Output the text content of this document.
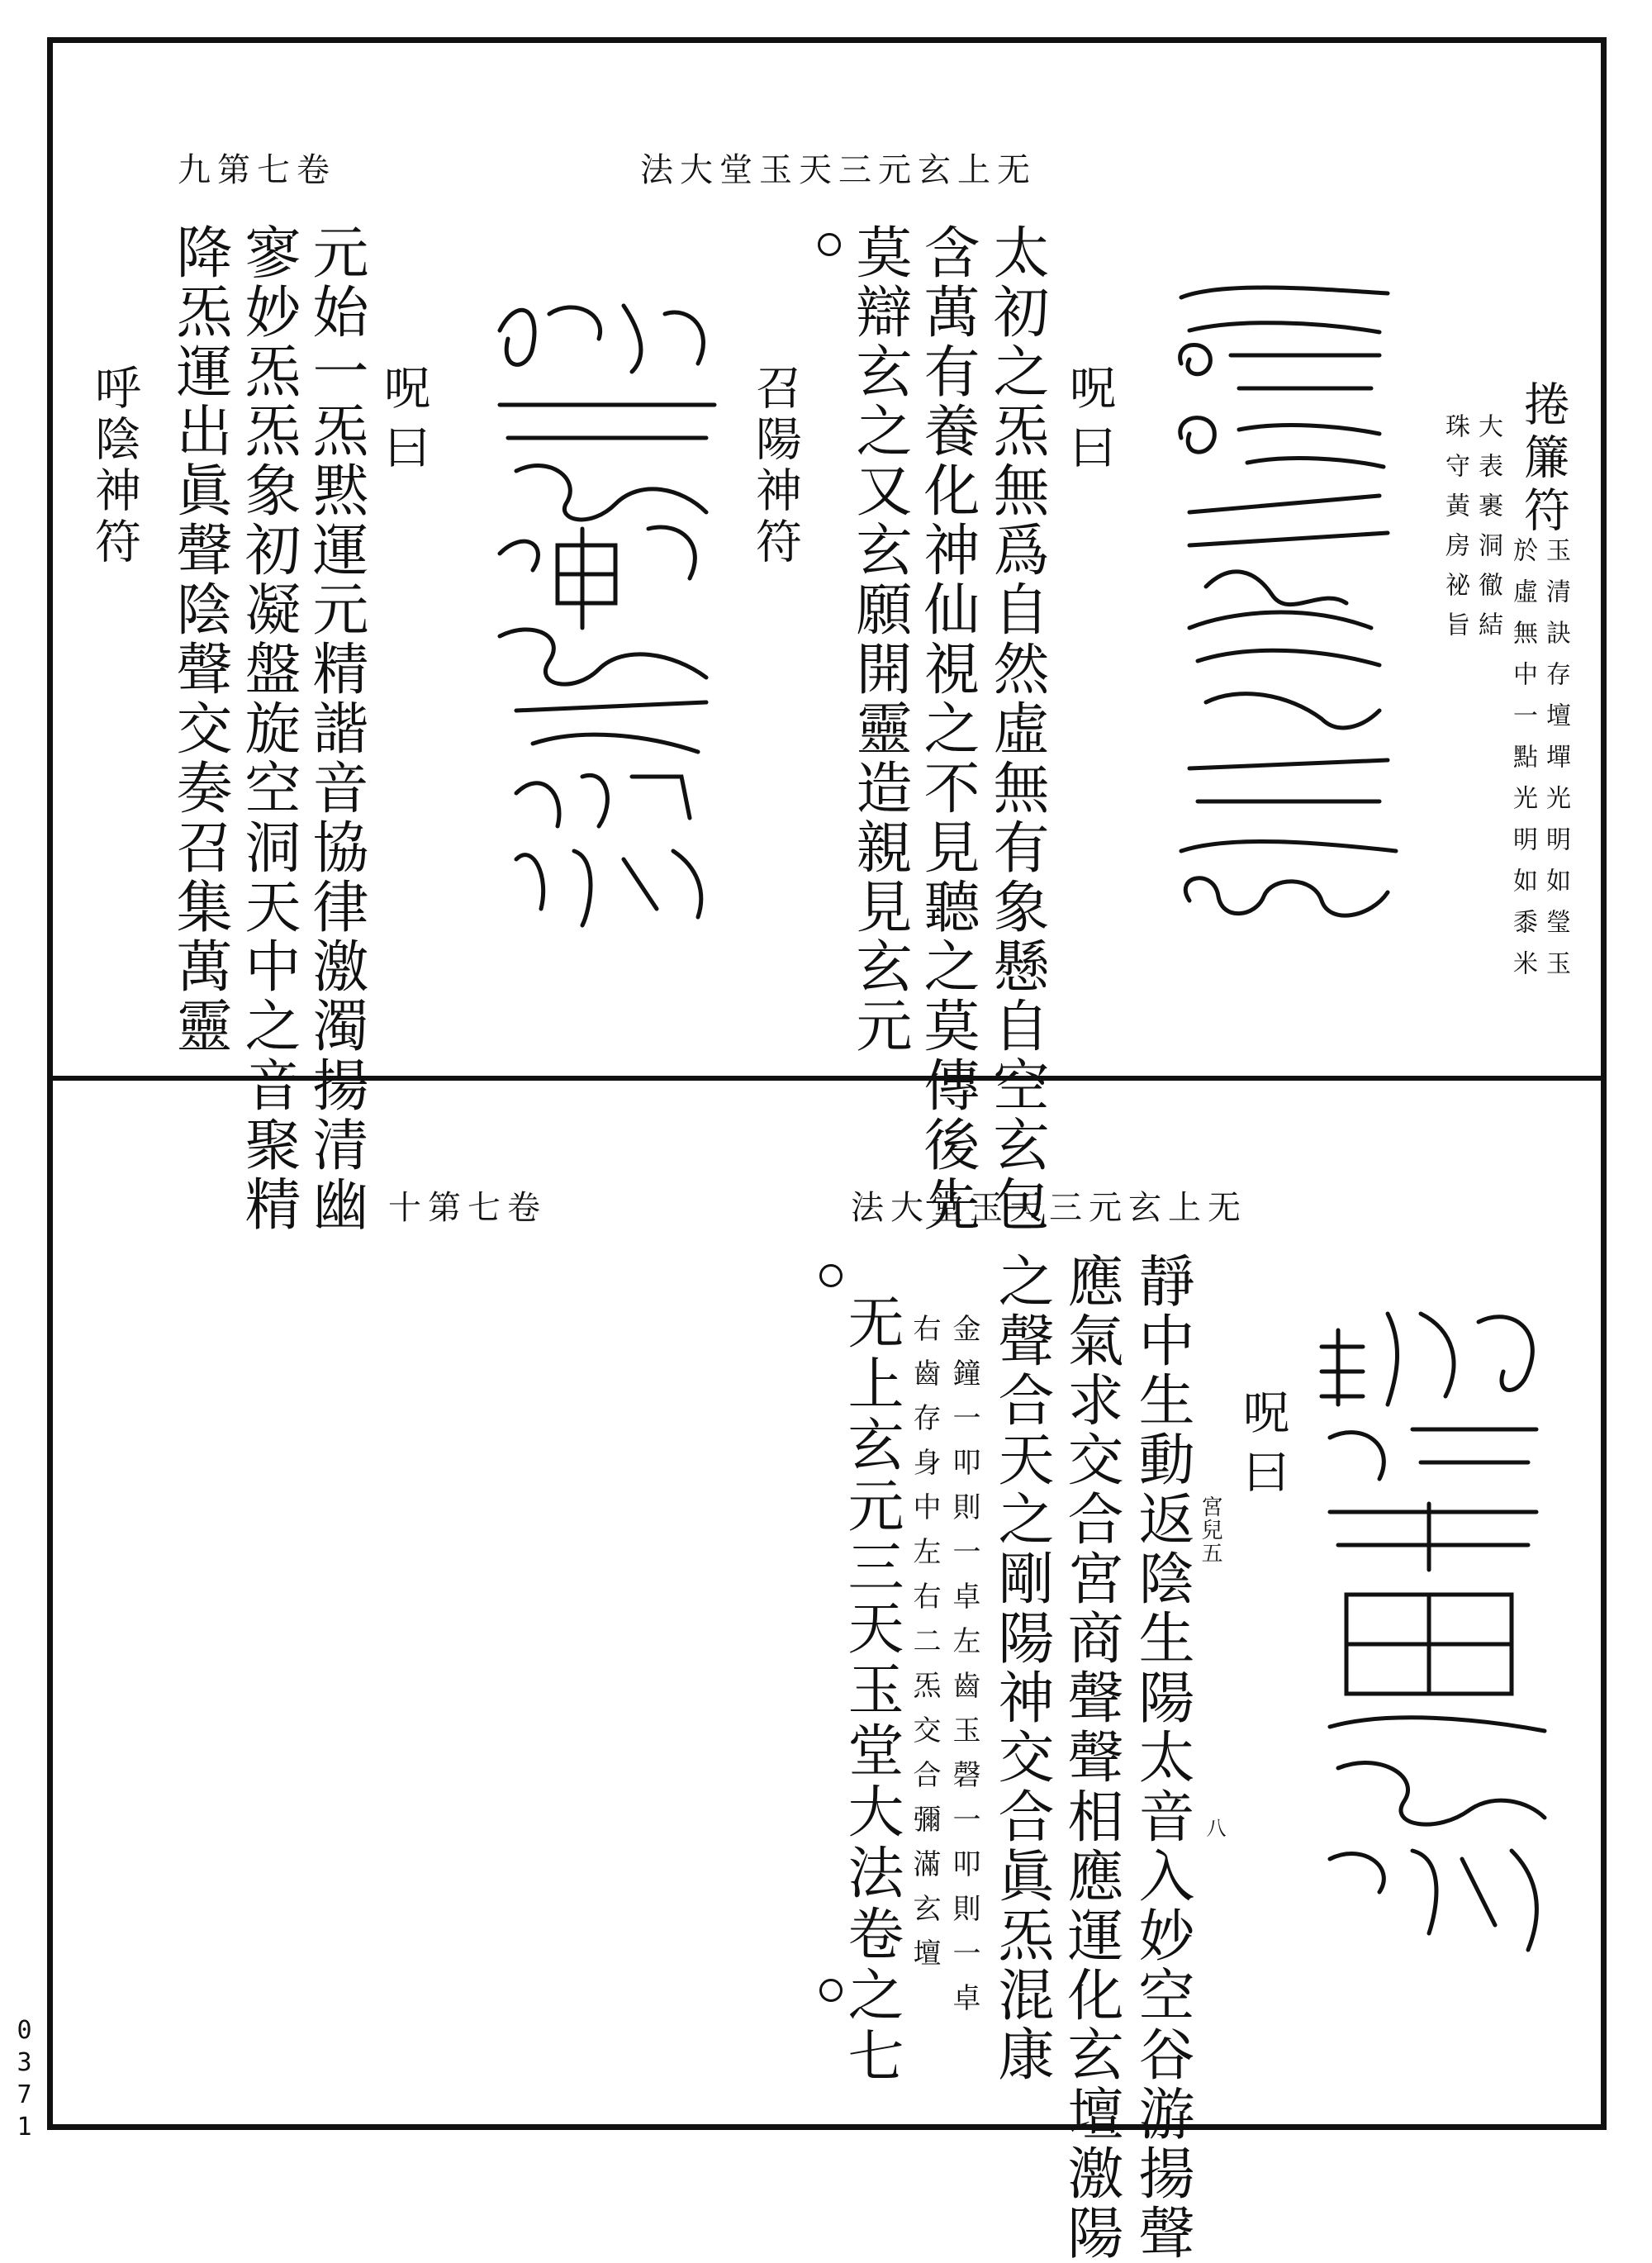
无上玄元三天玉堂大法
卷七第九
捲簾符
玉清訣存壇墠光明如瑩玉
於虛無中一點光明如黍米
大表裹洞徹結
珠守黃房祕旨
呪曰
太初之炁無爲自然虛無有象懸自空玄包
含萬有養化神仙視之不見聽之莫傳後先
莫辯玄之又玄願開靈造親見玄元
召陽神符
呪曰
元始一炁黙運元精諧音協律激濁揚清幽
寥妙炁炁象初凝盤旋空洞天中之音聚精
降炁運出眞聲陰聲交奏召集萬靈
呼陰神符
无上玄元三天玉堂大法
卷七第十
呪曰
宮兒五
靜中生動返陰生陽太音入妙空谷游揚聲 八
應氣求交合宮商聲聲相應運化玄壇激陽
之聲合天之剛陽神交合眞炁混康
金鐘一叩則一卓左齒玉磬一叩則一卓
右齒存身中左右二炁交合彌滿玄壇
无上玄元三天玉堂大法卷之七
0371
